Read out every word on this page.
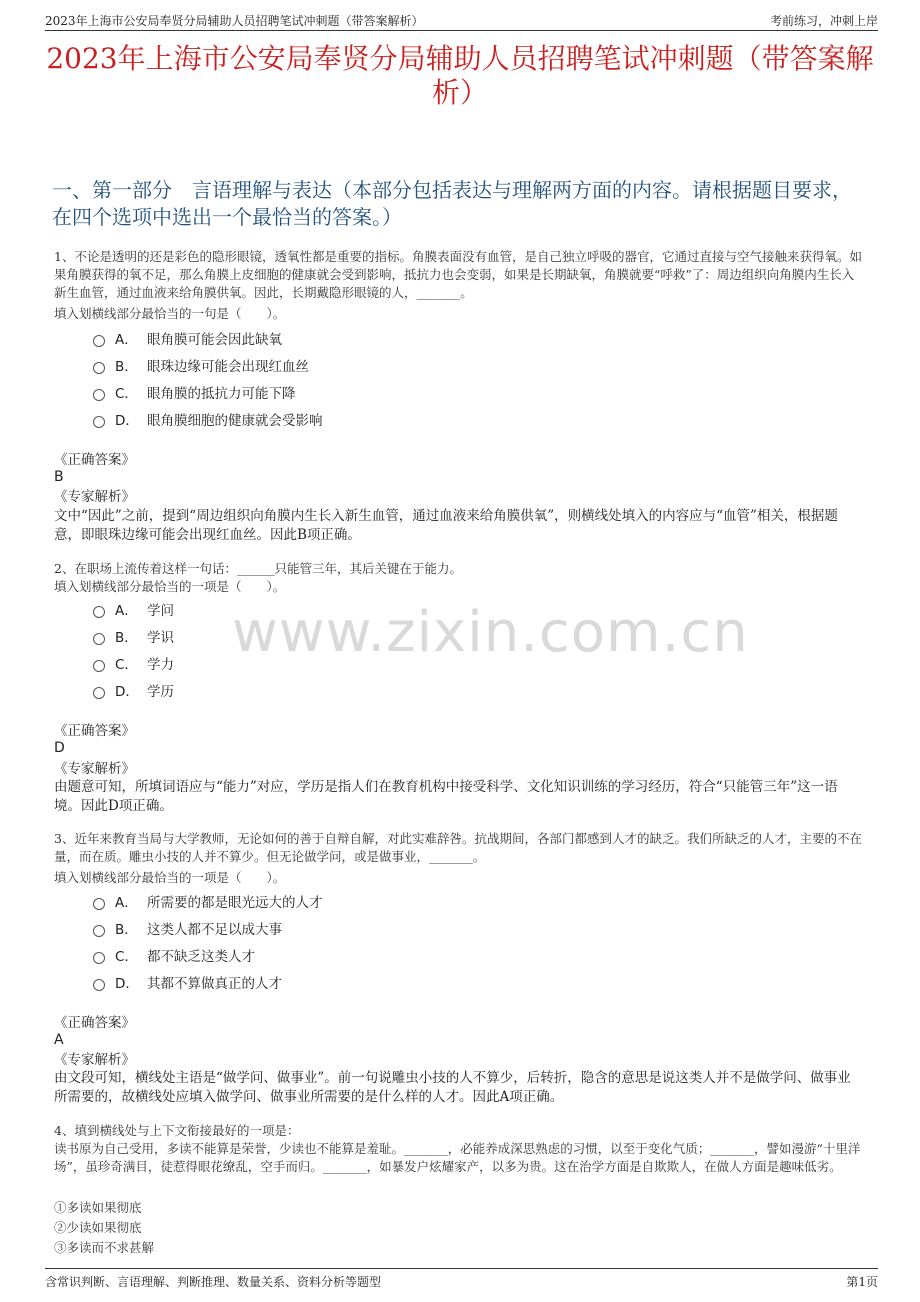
2023年上海市公安局奉贤分局辅助人员招聘笔试冲刺题（带答案解析）	考前练习，冲刺上岸
2023年上海市公安局奉贤分局辅助人员招聘笔试冲刺题（带答案解析）
一、第一部分　言语理解与表达（本部分包括表达与理解两方面的内容。请根据题目要求，在四个选项中选出一个最恰当的答案。）
www.zixin.com.cn
1、不论是透明的还是彩色的隐形眼镜，透氧性都是重要的指标。角膜表面没有血管，是自己独立呼吸的器官，它通过直接与空气接触来获得氧。如果角膜获得的氧不足，那么角膜上皮细胞的健康就会受到影响，抵抗力也会变弱，如果是长期缺氧，角膜就要“呼救”了：周边组织向角膜内生长入新生血管，通过血液来给角膜供氧。因此，长期戴隐形眼镜的人，_______。
填入划横线部分最恰当的一句是（　　）。
A． 眼角膜可能会因此缺氧
B． 眼珠边缘可能会出现红血丝
C． 眼角膜的抵抗力可能下降
D． 眼角膜细胞的健康就会受影响
《正确答案》
B
《专家解析》
文中“因此”之前，提到“周边组织向角膜内生长入新生血管，通过血液来给角膜供氧”，则横线处填入的内容应与“血管”相关，根据题意，即眼珠边缘可能会出现红血丝。因此B项正确。
2、在职场上流传着这样一句话：______只能管三年，其后关键在于能力。
填入划横线部分最恰当的一项是（　　）。
A． 学问
B． 学识
C． 学力
D． 学历
《正确答案》
D
《专家解析》
由题意可知，所填词语应与“能力”对应，学历是指人们在教育机构中接受科学、文化知识训练的学习经历，符合“只能管三年”这一语境。因此D项正确。
3、近年来教育当局与大学教师，无论如何的善于自辩自解，对此实难辞咎。抗战期间，各部门都感到人才的缺乏。我们所缺乏的人才，主要的不在量，而在质。雕虫小技的人并不算少。但无论做学问，或是做事业，_______。
填入划横线部分最恰当的一项是（　　）。
A． 所需要的都是眼光远大的人才
B． 这类人都不足以成大事
C． 都不缺乏这类人才
D． 其都不算做真正的人才
《正确答案》
A
《专家解析》
由文段可知，横线处主语是“做学问、做事业”。前一句说雕虫小技的人不算少，后转折，隐含的意思是说这类人并不是做学问、做事业所需要的，故横线处应填入做学问、做事业所需要的是什么样的人才。因此A项正确。
4、填到横线处与上下文衔接最好的一项是：
读书原为自己受用，多读不能算是荣誉，少读也不能算是羞耻。_______，必能养成深思熟虑的习惯，以至于变化气质；_______，譬如漫游“十里洋场”，虽珍奇满目，徒惹得眼花缭乱，空手而归。_______，如暴发户炫耀家产，以多为贵。这在治学方面是自欺欺人，在做人方面是趣味低劣。
①多读如果彻底
②少读如果彻底
③多读而不求甚解
含常识判断、言语理解、判断推理、数量关系、资料分析等题型	第1页
